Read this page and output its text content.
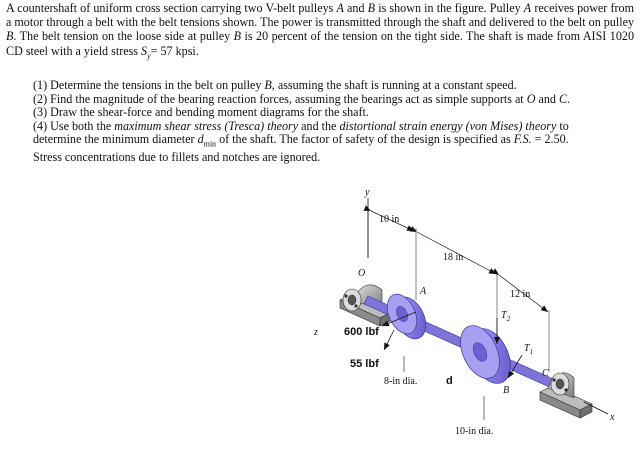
A countershaft of uniform cross section carrying two V-belt pulleys A and B is shown in the figure. Pulley A receives power from a motor through a belt with the belt tensions shown. The power is transmitted through the shaft and delivered to the belt on pulley B. The belt tension on the loose side at pulley B is 20 percent of the tension on the tight side. The shaft is made from AISI 1020 CD steel with a yield stress $S_y= 57$ kpsi.

(1) Determine the tensions in the belt on pulley B, assuming the shaft is running at a constant speed.
(2) Find the magnitude of the bearing reaction forces, assuming the bearings act as simple supports at O and C.
(3) Draw the shear-force and bending moment diagrams for the shaft.
(4) Use both the maximum shear stress (Tresca) theory and the distortional strain energy (von Mises) theory to
determine the minimum diameter $d_{min}$ of the shaft. The factor of safety of the design is specified as F.S. = 2.50.
Stress concentrations due to fillets and notches are ignored.
y
10 in
18 in
12 in
O
A
600 lbf
55 lbf
8-in dia.
z
d
B
$T_2$
$T_1$
10-in dia.
C
x
